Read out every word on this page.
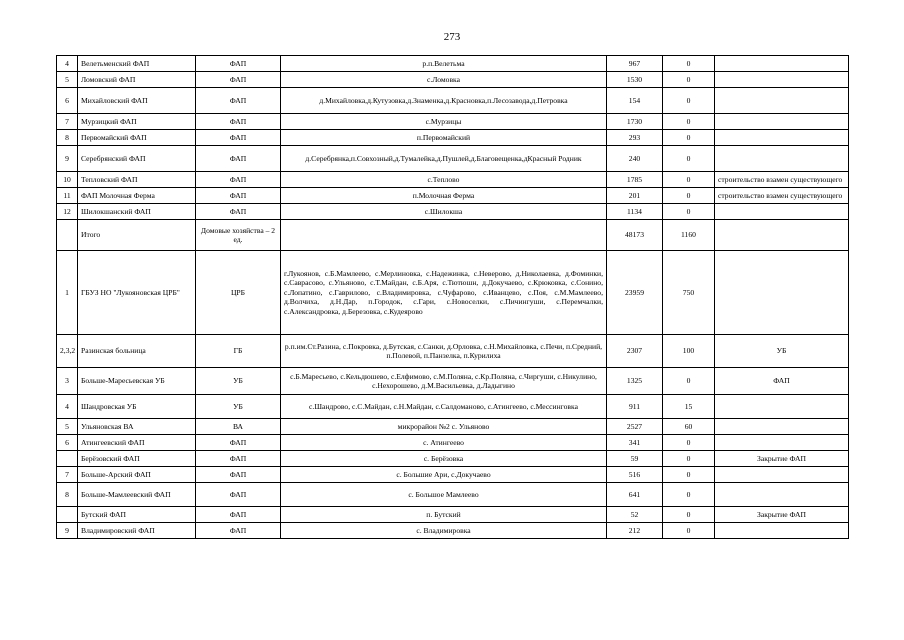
273
4	Велетьменский ФАП	ФАП	р.п.Велетьма	967	0	
5	Ломовский ФАП	ФАП	с.Ломовка	1530	0	
6	Михайловский ФАП	ФАП	д.Михайловка,д.Кутузовка,д.Знаменка,д.Красновка,п.Лесозавода,д.Петровка	154	0	
7	Мурзицкий ФАП	ФАП	с.Мурзицы	1730	0	
8	Первомайский ФАП	ФАП	п.Первомайский	293	0	
9	Серебрянский ФАП	ФАП	д.Серебрянка,п.Совхозный,д.Тумалейка,д.Пушлей,д.Благовещенка,дКрасный Родник	240	0	
10	Тепловский ФАП	ФАП	с.Теплово	1785	0	строительство взамен существующего
11	ФАП Молочная Ферма	ФАП	п.Молочная Ферма	201	0	строительство взамен существующего
12	Шилокшанский ФАП	ФАП	с.Шилокша	1134	0	
	Итого	Домовые хозяйства – 2 ед.		48173	1160	
1	ГБУЗ НО "Лукояновская ЦРБ"	ЦРБ	г.Лукоянов, с.Б.Мамлеево, с.Мерлиновка, с.Надежинка, с.Неверово, д.Николаевка, д.Фоминки, с.Саврасово, с.Ульяново, с.Т.Майдан, с.Б.Аря, с.Тютюшн, д.Докучаево, с.Крюковка, с.Сонино, с.Лопатино, с.Гаврилово, с.Владимировка, с.Чуфарово, с.Иванцево, с.Поя, с.М.Мамлеево, д.Волчиха, д.Н.Дар, п.Городок, с.Гари, с.Новоселки, с.Пичингуши, с.Перемчалки, с.Александровка, д.Березовка, с.Кудеярово	23959	750	
2,3,2	Разинская больница	ГБ	р.п.им.Ст.Разина, с.Покровка, д.Бутская, с.Санки, д.Орловка, с.Н.Михайловка, с.Печи, п.Средний, п.Полевой, п.Панзелка, п.Курилиха	2307	100	УБ
3	Больше-Маресьевская УБ	УБ	с.Б.Маресьево, с.Кельдюшево, с.Елфимово, с.М.Поляна, с.Кр.Поляна, с.Чиргуши, с.Никулино, с.Нехорошево, д.М.Васильевка, д.Ладыгино	1325	0	ФАП
4	Шандровская УБ	УБ	с.Шандрово, с.С.Майдан, с.Н.Майдан, с.Салдоманово, с.Атингеево, с.Мессинговка	911	15	
5	Ульяновская ВА	ВА	микрорайон №2 с. Ульяново	2527	60	
6	Атингеевский ФАП	ФАП	с. Атингеево	341	0	
	Берёзовский ФАП	ФАП	с. Берёзовка	59	0	Закрытие ФАП
7	Больше-Арский ФАП	ФАП	с. Большие Ари, с.Докучаево	516	0	
8	Больше-Мамлеевский ФАП	ФАП	с. Большое Мамлеево	641	0	
	Бутский ФАП	ФАП	п. Бутский	52	0	Закрытие ФАП
9	Владимировский ФАП	ФАП	с. Владимировка	212	0	
